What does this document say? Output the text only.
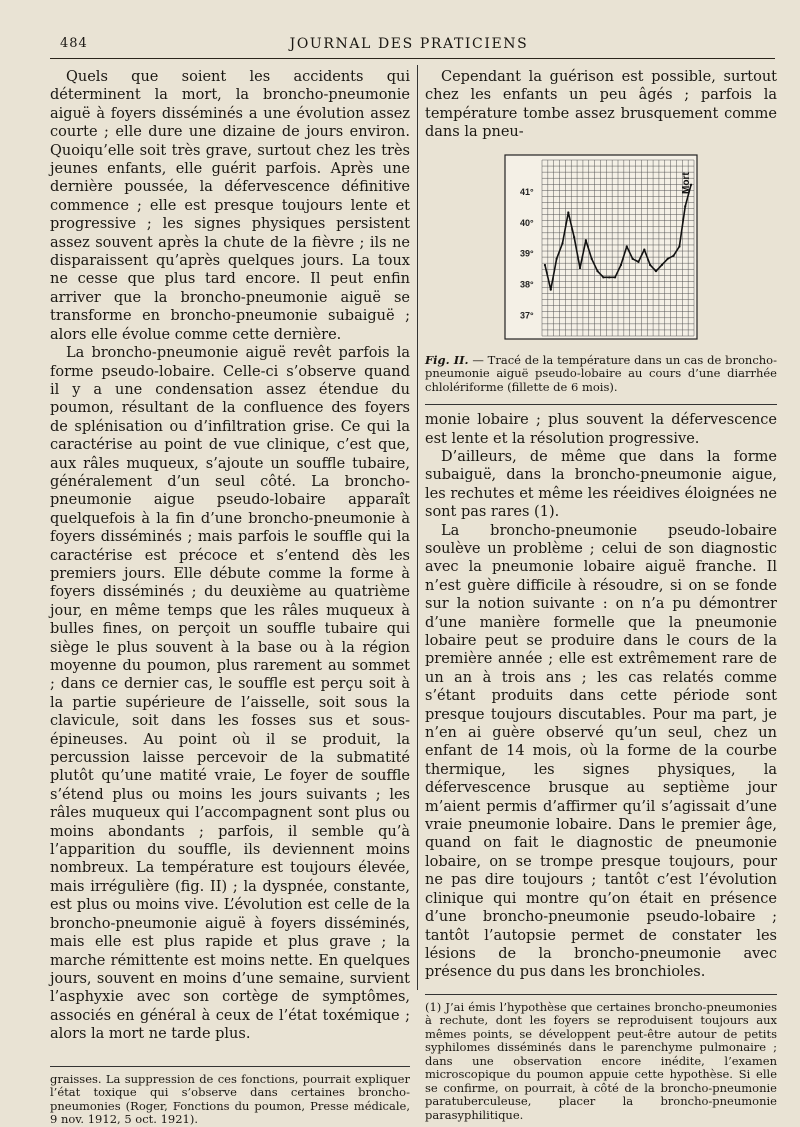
484	JOURNAL DES PRATICIENS

Quels que soient les accidents qui déterminent la mort, la broncho-pneumonie aiguë à foyers disséminés a une évolution assez courte ; elle dure une dizaine de jours environ. Quoiqu’elle soit très grave, surtout chez les très jeunes enfants, elle guérit parfois. Après une dernière poussée, la défervescence définitive commence ; elle est presque toujours lente et progressive ; les signes physiques persistent assez souvent après la chute de la fièvre ; ils ne disparaissent qu’après quelques jours. La toux ne cesse que plus tard encore. Il peut enfin arriver que la broncho-pneumonie aiguë se transforme en broncho-pneumonie subaiguë ; alors elle évolue comme cette dernière.

La broncho-pneumonie aiguë revêt parfois la forme pseudo-lobaire. Celle-ci s’observe quand il y a une condensation assez étendue du poumon, résultant de la confluence des foyers de splénisation ou d’infiltration grise. Ce qui la caractérise au point de vue clinique, c’est que, aux râles muqueux, s’ajoute un souffle tubaire, généralement d’un seul côté. La broncho-pneumonie aigue pseudo-lobaire apparaît quelquefois à la fin d’une broncho-pneumonie à foyers disséminés ; mais parfois le souffle qui la caractérise est précoce et s’entend dès les premiers jours. Elle débute comme la forme à foyers disséminés ; du deuxième au quatrième jour, en même temps que les râles muqueux à bulles fines, on perçoit un souffle tubaire qui siège le plus souvent à la base ou à la région moyenne du poumon, plus rarement au sommet ; dans ce dernier cas, le souffle est perçu soit à la partie supérieure de l’aisselle, soit sous la clavicule, soit dans les fosses sus et sous-épineuses. Au point où il se produit, la percussion laisse percevoir de la submatité plutôt qu’une matité vraie, Le foyer de souffle s’étend plus ou moins les jours suivants ; les râles muqueux qui l’accompagnent sont plus ou moins abondants ; parfois, il semble qu’à l’apparition du souffle, ils deviennent moins nombreux. La température est toujours élevée, mais irrégulière (fig. II) ; la dyspnée, constante, est plus ou moins vive. L’évolution est celle de la broncho-pneumonie aiguë à foyers disséminés, mais elle est plus rapide et plus grave ; la marche rémittente est moins nette. En quelques jours, souvent en moins d’une semaine, survient l’asphyxie avec son cortège de symptômes, associés en général à ceux de l’état toxémique ; alors la mort ne tarde plus.

graisses. La suppression de ces fonctions, pourrait expliquer l’état toxique qui s’observe dans certaines broncho-pneumonies (Roger, Fonctions du poumon, Presse médicale, 9 nov. 1912, 5 oct. 1921).

Cependant la guérison est possible, surtout chez les enfants un peu âgés ; parfois la température tombe assez brusquement comme dans la pneu-

41°
40°
39°
38°
37°
Mort
Fig. II. — Tracé de la température dans un cas de broncho-pneumonie aiguë pseudo-lobaire au cours d’une diarrhée chlolériforme (fillette de 6 mois).

monie lobaire ; plus souvent la défervescence est lente et la résolution progressive.

D’ailleurs, de même que dans la forme subaiguë, dans la broncho-pneumonie aigue, les rechutes et même les réeidives éloignées ne sont pas rares (1).

La broncho-pneumonie pseudo-lobaire soulève un problème ; celui de son diagnostic avec la pneumonie lobaire aiguë franche. Il n’est guère difficile à résoudre, si on se fonde sur la notion suivante : on n’a pu démontrer d’une manière formelle que la pneumonie lobaire peut se produire dans le cours de la première année ; elle est extrêmement rare de un an à trois ans ; les cas relatés comme s’étant produits dans cette période sont presque toujours discutables. Pour ma part, je n’en ai guère observé qu’un seul, chez un enfant de 14 mois, où la forme de la courbe thermique, les signes physiques, la défervescence brusque au septième jour m’aient permis d’affirmer qu’il s’agissait d’une vraie pneumonie lobaire. Dans le premier âge, quand on fait le diagnostic de pneumonie lobaire, on se trompe presque toujours, pour ne pas dire toujours ; tantôt c’est l’évolution clinique qui montre qu’on était en présence d’une broncho-pneumonie pseudo-lobaire ; tantôt l’autopsie permet de constater les lésions de la broncho-pneumonie avec présence du pus dans les bronchioles.

(1) J’ai émis l’hypothèse que certaines broncho-pneumonies à rechute, dont les foyers se reproduisent toujours aux mêmes points, se développent peut-être autour de petits syphilomes disséminés dans le parenchyme pulmonaire ; dans une observation encore inédite, l’examen microscopique du poumon appuie cette hypothèse. Si elle se confirme, on pourrait, à côté de la broncho-pneumonie paratuberculeuse, placer la broncho-pneumonie parasyphilitique.
